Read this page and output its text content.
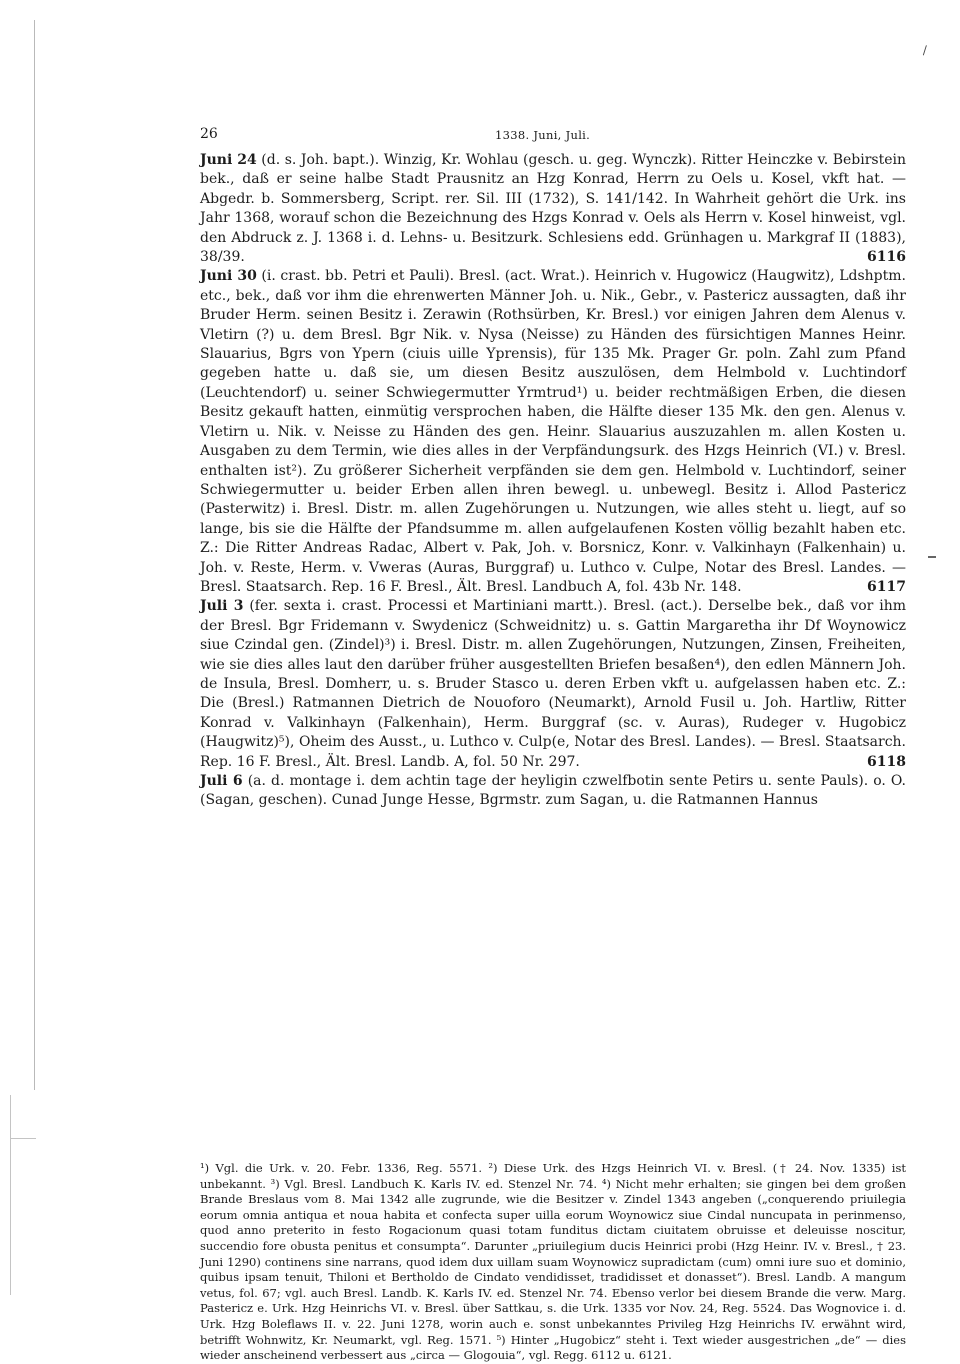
\
26	1338. Juni, Juli.

Juni 24 (d. s. Joh. bapt.). Winzig, Kr. Wohlau (gesch. u. geg. Wynczk). Ritter Heinczke v. Bebirstein bek., daß er seine halbe Stadt Prausnitz an Hzg Konrad, Herrn zu Oels u. Kosel, vkft hat. — Abgedr. b. Sommersberg, Script. rer. Sil. III (1732), S. 141/142. In Wahrheit gehört die Urk. ins Jahr 1368, worauf schon die Bezeichnung des Hzgs Konrad v. Oels als Herrn v. Kosel hinweist, vgl. den Abdruck z. J. 1368 i. d. Lehns- u. Besitzurk. Schlesiens edd. Grünhagen u. Markgraf II (1883), 38/39.	6116

Juni 30 (i. crast. bb. Petri et Pauli). Bresl. (act. Wrat.). Heinrich v. Hugowicz (Haugwitz), Ldshptm. etc., bek., daß vor ihm die ehrenwerten Männer Joh. u. Nik., Gebr., v. Pastericz aussagten, daß ihr Bruder Herm. seinen Besitz i. Zerawin (Rothsürben, Kr. Bresl.) vor einigen Jahren dem Alenus v. Vletirn (?) u. dem Bresl. Bgr Nik. v. Nysa (Neisse) zu Händen des fürsichtigen Mannes Heinr. Slauarius, Bgrs von Ypern (ciuis uille Yprensis), für 135 Mk. Prager Gr. poln. Zahl zum Pfand gegeben hatte u. daß sie, um diesen Besitz auszulösen, dem Helmbold v. Luchtindorf (Leuchtendorf) u. seiner Schwiegermutter Yrmtrud¹) u. beider rechtmäßigen Erben, die diesen Besitz gekauft hatten, einmütig versprochen haben, die Hälfte dieser 135 Mk. den gen. Alenus v. Vletirn u. Nik. v. Neisse zu Händen des gen. Heinr. Slauarius auszuzahlen m. allen Kosten u. Ausgaben zu dem Termin, wie dies alles in der Verpfändungsurk. des Hzgs Heinrich (VI.) v. Bresl. enthalten ist²). Zu größerer Sicherheit verpfänden sie dem gen. Helmbold v. Luchtindorf, seiner Schwiegermutter u. beider Erben allen ihren bewegl. u. unbewegl. Besitz i. Allod Pastericz (Pasterwitz) i. Bresl. Distr. m. allen Zugehörungen u. Nutzungen, wie alles steht u. liegt, auf so lange, bis sie die Hälfte der Pfandsumme m. allen aufgelaufenen Kosten völlig bezahlt haben etc. Z.: Die Ritter Andreas Radac, Albert v. Pak, Joh. v. Borsnicz, Konr. v. Valkinhayn (Falkenhain) u. Joh. v. Reste, Herm. v. Vweras (Auras, Burggraf) u. Luthco v. Culpe, Notar des Bresl. Landes. — Bresl. Staatsarch. Rep. 16 F. Bresl., Ält. Bresl. Landbuch A, fol. 43b Nr. 148.	6117

Juli 3 (fer. sexta i. crast. Processi et Martiniani martt.). Bresl. (act.). Derselbe bek., daß vor ihm der Bresl. Bgr Fridemann v. Swydenicz (Schweidnitz) u. s. Gattin Margaretha ihr Df Woynowicz siue Czindal gen. (Zindel)³) i. Bresl. Distr. m. allen Zugehörungen, Nutzungen, Zinsen, Freiheiten, wie sie dies alles laut den darüber früher ausgestellten Briefen besaßen⁴), den edlen Männern Joh. de Insula, Bresl. Domherr, u. s. Bruder Stasco u. deren Erben vkft u. aufgelassen haben etc. Z.: Die (Bresl.) Ratmannen Dietrich de Nouoforo (Neumarkt), Arnold Fusil u. Joh. Hartliw, Ritter Konrad v. Valkinhayn (Falkenhain), Herm. Burggraf (sc. v. Auras), Rudeger v. Hugobicz (Haugwitz)⁵), Oheim des Ausst., u. Luthco v. Culp(e, Notar des Bresl. Landes). — Bresl. Staatsarch. Rep. 16 F. Bresl., Ält. Bresl. Landb. A, fol. 50 Nr. 297.	6118

Juli 6 (a. d. montage i. dem achtin tage der heyligin czwelfbotin sente Petirs u. sente Pauls). o. O. (Sagan, geschen). Cunad Junge Hesse, Bgrmstr. zum Sagan, u. die Ratmannen Hannus

¹) Vgl. die Urk. v. 20. Febr. 1336, Reg. 5571. ²) Diese Urk. des Hzgs Heinrich VI. v. Bresl. († 24. Nov. 1335) ist unbekannt. ³) Vgl. Bresl. Landbuch K. Karls IV. ed. Stenzel Nr. 74. ⁴) Nicht mehr erhalten; sie gingen bei dem großen Brande Breslaus vom 8. Mai 1342 alle zugrunde, wie die Besitzer v. Zindel 1343 angeben („conquerendo priuilegia eorum omnia antiqua et noua habita et confecta super uilla eorum Woynowicz siue Cindal nuncupata in perinmensо, quod anno preterito in festo Rogacionum quasi totam funditus dictam ciuitatem obruisse et deleuisse noscitur, succendio fore obusta penitus et consumpta“. Darunter „priuilegium ducis Heinrici probi (Hzg Heinr. IV. v. Bresl., † 23. Juni 1290) continens sine narrans, quod idem dux uillam suam Woynowicz supradictam (cum) omni iure suo et dominio, quibus ipsam tenuit, Thiloni et Bertholdo de Cindato vendidisset, tradidisset et donasset“). Bresl. Landb. A mangum vetus, fol. 67; vgl. auch Bresl. Landb. K. Karls IV. ed. Stenzel Nr. 74. Ebenso verlor bei diesem Brande die verw. Marg. Pastericz e. Urk. Hzg Heinrichs VI. v. Bresl. über Sattkau, s. die Urk. 1335 vor Nov. 24, Reg. 5524. Das Wognovice i. d. Urk. Hzg Boleflaws II. v. 22. Juni 1278, worin auch e. sonst unbekanntes Privileg Hzg Heinrichs IV. erwähnt wird, betrifft Wohnwitz, Kr. Neumarkt, vgl. Reg. 1571. ⁵) Hinter „Hugobicz“ steht i. Text wieder ausgestrichen „de“ — dies wieder anscheinend verbessert aus „circa — Glogouia“, vgl. Regg. 6112 u. 6121.
